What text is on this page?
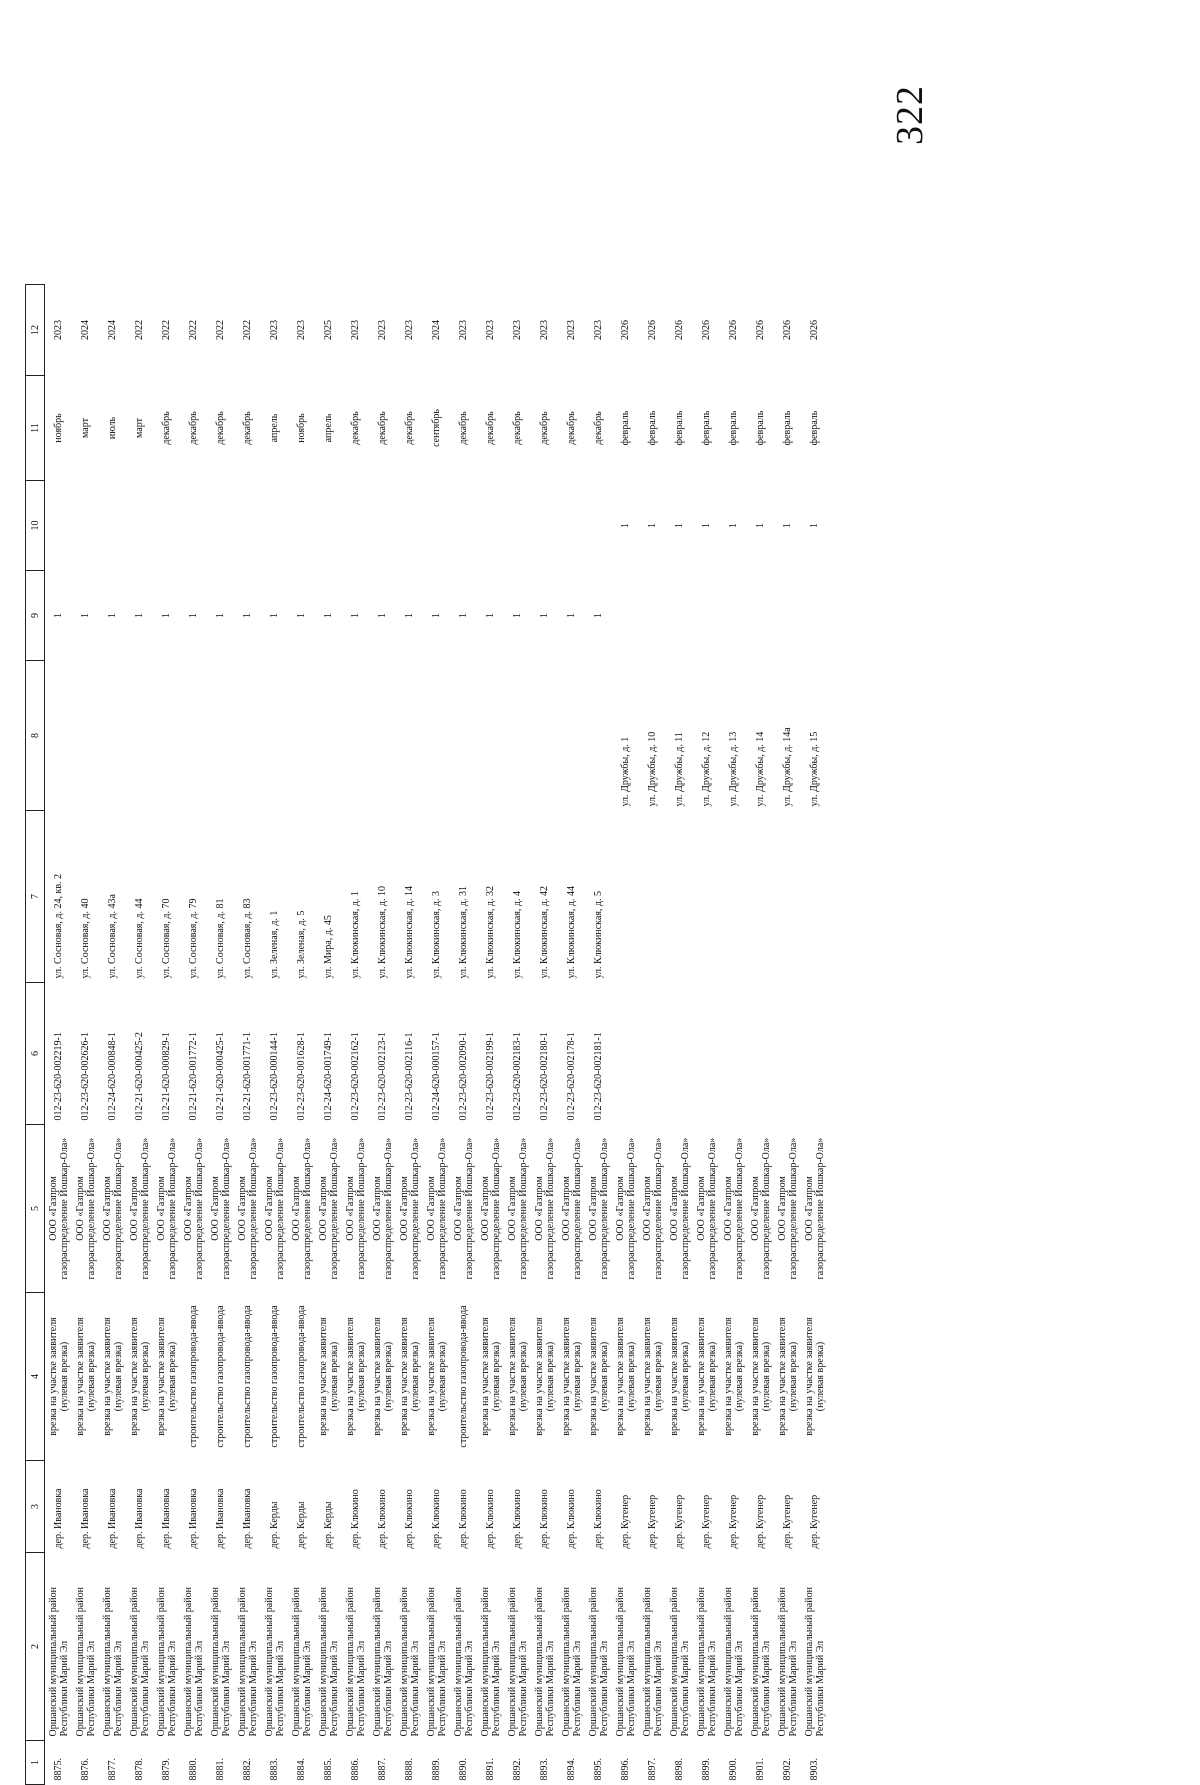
322
1	2	3	4	5	6	7	8	9	10	11	12

8875.	Оршанский муниципальный район Республики Марий Эл	дер. Ивановка	врезка на участке заявителя (нулевая врезка)	ООО «Газпром газораспределение Йошкар-Ола»	012-23-620-002219-1	ул. Сосновая, д. 24, кв. 2		1		ноябрь	2023

8876.	Оршанский муниципальный район Республики Марий Эл	дер. Ивановка	врезка на участке заявителя (нулевая врезка)	ООО «Газпром газораспределение Йошкар-Ола»	012-23-620-002626-1	ул. Сосновая, д. 40		1		март	2024

8877.	Оршанский муниципальный район Республики Марий Эл	дер. Ивановка	врезка на участке заявителя (нулевая врезка)	ООО «Газпром газораспределение Йошкар-Ола»	012-24-620-000848-1	ул. Сосновая, д. 43а		1		июль	2024

8878.	Оршанский муниципальный район Республики Марий Эл	дер. Ивановка	врезка на участке заявителя (нулевая врезка)	ООО «Газпром газораспределение Йошкар-Ола»	012-21-620-000425-2	ул. Сосновая, д. 44		1		март	2022

8879.	Оршанский муниципальный район Республики Марий Эл	дер. Ивановка	врезка на участке заявителя (нулевая врезка)	ООО «Газпром газораспределение Йошкар-Ола»	012-21-620-000829-1	ул. Сосновая, д. 70		1		декабрь	2022

8880.	Оршанский муниципальный район Республики Марий Эл	дер. Ивановка	строительство газопровода-ввода	ООО «Газпром газораспределение Йошкар-Ола»	012-21-620-001772-1	ул. Сосновая, д. 79		1		декабрь	2022

8881.	Оршанский муниципальный район Республики Марий Эл	дер. Ивановка	строительство газопровода-ввода	ООО «Газпром газораспределение Йошкар-Ола»	012-21-620-000425-1	ул. Сосновая, д. 81		1		декабрь	2022

8882.	Оршанский муниципальный район Республики Марий Эл	дер. Ивановка	строительство газопровода-ввода	ООО «Газпром газораспределение Йошкар-Ола»	012-21-620-001771-1	ул. Сосновая, д. 83		1		декабрь	2022

8883.	Оршанский муниципальный район Республики Марий Эл	дер. Керды	строительство газопровода-ввода	ООО «Газпром газораспределение Йошкар-Ола»	012-23-620-000144-1	ул. Зеленая, д. 1		1		апрель	2023

8884.	Оршанский муниципальный район Республики Марий Эл	дер. Керды	строительство газопровода-ввода	ООО «Газпром газораспределение Йошкар-Ола»	012-23-620-001628-1	ул. Зеленая, д. 5		1		ноябрь	2023

8885.	Оршанский муниципальный район Республики Марий Эл	дер. Керды	врезка на участке заявителя (нулевая врезка)	ООО «Газпром газораспределение Йошкар-Ола»	012-24-620-001749-1	ул. Мира, д. 45		1		апрель	2025

8886.	Оршанский муниципальный район Республики Марий Эл	дер. Клюкино	врезка на участке заявителя (нулевая врезка)	ООО «Газпром газораспределение Йошкар-Ола»	012-23-620-002162-1	ул. Клюкинская, д. 1		1		декабрь	2023

8887.	Оршанский муниципальный район Республики Марий Эл	дер. Клюкино	врезка на участке заявителя (нулевая врезка)	ООО «Газпром газораспределение Йошкар-Ола»	012-23-620-002123-1	ул. Клюкинская, д. 10		1		декабрь	2023

8888.	Оршанский муниципальный район Республики Марий Эл	дер. Клюкино	врезка на участке заявителя (нулевая врезка)	ООО «Газпром газораспределение Йошкар-Ола»	012-23-620-002116-1	ул. Клюкинская, д. 14		1		декабрь	2023

8889.	Оршанский муниципальный район Республики Марий Эл	дер. Клюкино	врезка на участке заявителя (нулевая врезка)	ООО «Газпром газораспределение Йошкар-Ола»	012-24-620-000157-1	ул. Клюкинская, д. 3		1		сентябрь	2024

8890.	Оршанский муниципальный район Республики Марий Эл	дер. Клюкино	строительство газопровода-ввода	ООО «Газпром газораспределение Йошкар-Ола»	012-23-620-002090-1	ул. Клюкинская, д. 31		1		декабрь	2023

8891.	Оршанский муниципальный район Республики Марий Эл	дер. Клюкино	врезка на участке заявителя (нулевая врезка)	ООО «Газпром газораспределение Йошкар-Ола»	012-23-620-002199-1	ул. Клюкинская, д. 32		1		декабрь	2023

8892.	Оршанский муниципальный район Республики Марий Эл	дер. Клюкино	врезка на участке заявителя (нулевая врезка)	ООО «Газпром газораспределение Йошкар-Ола»	012-23-620-002183-1	ул. Клюкинская, д. 4		1		декабрь	2023

8893.	Оршанский муниципальный район Республики Марий Эл	дер. Клюкино	врезка на участке заявителя (нулевая врезка)	ООО «Газпром газораспределение Йошкар-Ола»	012-23-620-002180-1	ул. Клюкинская, д. 42		1		декабрь	2023

8894.	Оршанский муниципальный район Республики Марий Эл	дер. Клюкино	врезка на участке заявителя (нулевая врезка)	ООО «Газпром газораспределение Йошкар-Ола»	012-23-620-002178-1	ул. Клюкинская, д. 44		1		декабрь	2023

8895.	Оршанский муниципальный район Республики Марий Эл	дер. Клюкино	врезка на участке заявителя (нулевая врезка)	ООО «Газпром газораспределение Йошкар-Ола»	012-23-620-002181-1	ул. Клюкинская, д. 5		1		декабрь	2023

8896.	Оршанский муниципальный район Республики Марий Эл	дер. Кугенер	врезка на участке заявителя (нулевая врезка)	ООО «Газпром газораспределение Йошкар-Ола»			ул. Дружбы, д. 1		1	февраль	2026

8897.	Оршанский муниципальный район Республики Марий Эл	дер. Кугенер	врезка на участке заявителя (нулевая врезка)	ООО «Газпром газораспределение Йошкар-Ола»			ул. Дружбы, д. 10		1	февраль	2026

8898.	Оршанский муниципальный район Республики Марий Эл	дер. Кугенер	врезка на участке заявителя (нулевая врезка)	ООО «Газпром газораспределение Йошкар-Ола»			ул. Дружбы, д. 11		1	февраль	2026

8899.	Оршанский муниципальный район Республики Марий Эл	дер. Кугенер	врезка на участке заявителя (нулевая врезка)	ООО «Газпром газораспределение Йошкар-Ола»			ул. Дружбы, д. 12		1	февраль	2026

8900.	Оршанский муниципальный район Республики Марий Эл	дер. Кугенер	врезка на участке заявителя (нулевая врезка)	ООО «Газпром газораспределение Йошкар-Ола»			ул. Дружбы, д. 13		1	февраль	2026

8901.	Оршанский муниципальный район Республики Марий Эл	дер. Кугенер	врезка на участке заявителя (нулевая врезка)	ООО «Газпром газораспределение Йошкар-Ола»			ул. Дружбы, д. 14		1	февраль	2026

8902.	Оршанский муниципальный район Республики Марий Эл	дер. Кугенер	врезка на участке заявителя (нулевая врезка)	ООО «Газпром газораспределение Йошкар-Ола»			ул. Дружбы, д. 14а		1	февраль	2026

8903.	Оршанский муниципальный район Республики Марий Эл	дер. Кугенер	врезка на участке заявителя (нулевая врезка)	ООО «Газпром газораспределение Йошкар-Ола»			ул. Дружбы, д. 15		1	февраль	2026
